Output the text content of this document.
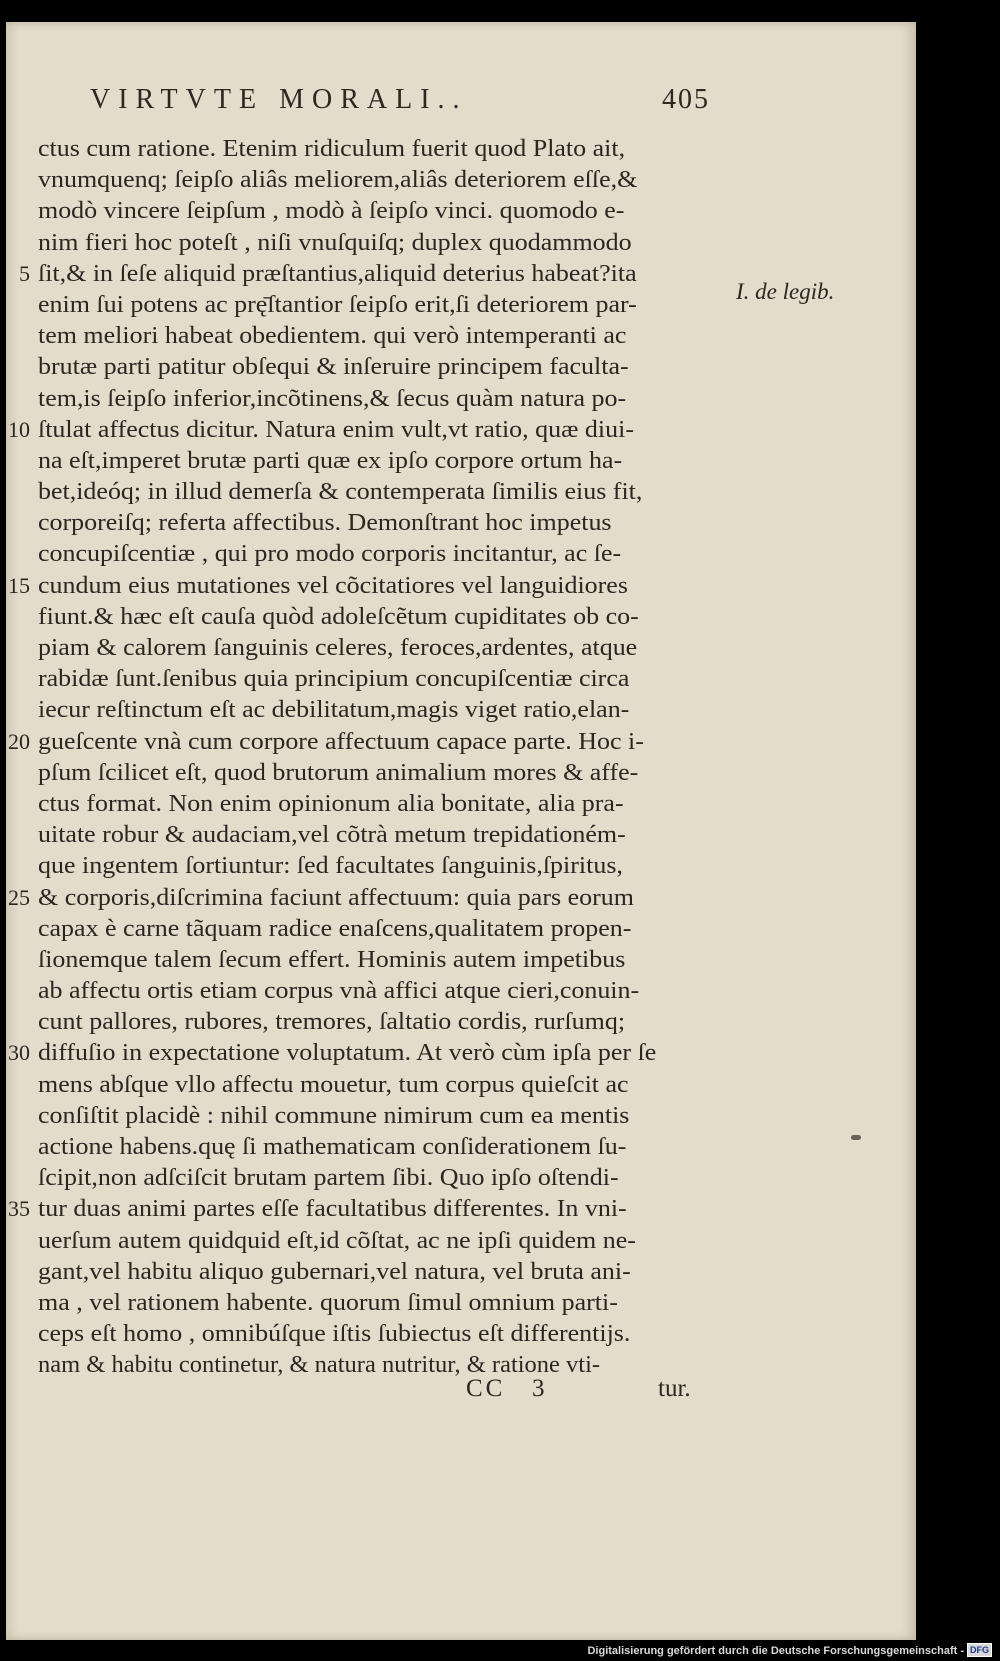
VIRTVTE MORALI..	405
ctus cum ratione. Etenim ridiculum fuerit quod Plato ait,
vnumquenq; ſeipſo aliâs meliorem,aliâs deteriorem eſſe,&
modò vincere ſeipſum , modò à ſeipſo vinci. quomodo e-
nim fieri hoc poteſt , niſi vnuſquiſq; duplex quodammodo
5 ſit,& in ſeſe aliquid præſtantius,aliquid deterius habeat?ita
enim ſui potens ac prę̄ſtantior ſeipſo erit,ſi deteriorem par-
tem meliori habeat obedientem. qui verò intemperanti ac
brutæ parti patitur obſequi & inſeruire principem faculta-
tem,is ſeipſo inferior,incõtinens,& ſecus quàm natura po-
10 ſtulat affectus dicitur. Natura enim vult,vt ratio, quæ diui-
na eſt,imperet brutæ parti quæ ex ipſo corpore ortum ha-
bet,ideóq; in illud demerſa & contemperata ſimilis eius fit,
corporeiſq; referta affectibus. Demonſtrant hoc impetus
concupiſcentiæ , qui pro modo corporis incitantur, ac ſe-
15 cundum eius mutationes vel cõcitatiores vel languidiores
fiunt.& hæc eſt cauſa quòd adoleſcẽtum cupiditates ob co-
piam & calorem ſanguinis celeres, feroces,ardentes, atque
rabidæ ſunt.ſenibus quia principium concupiſcentiæ circa
iecur reſtinctum eſt ac debilitatum,magis viget ratio,elan-
20 gueſcente vnà cum corpore affectuum capace parte. Hoc i-
pſum ſcilicet eſt, quod brutorum animalium mores & affe-
ctus format. Non enim opinionum alia bonitate, alia pra-
uitate robur & audaciam,vel cõtrà metum trepidationém-
que ingentem ſortiuntur: ſed facultates ſanguinis,ſpiritus,
25 & corporis,diſcrimina faciunt affectuum: quia pars eorum
capax è carne tãquam radice enaſcens,qualitatem propen-
ſionemque talem ſecum effert. Hominis autem impetibus
ab affectu ortis etiam corpus vnà affici atque cieri,conuin-
cunt pallores, rubores, tremores, ſaltatio cordis, rurſumq;
30 diffuſio in expectatione voluptatum. At verò cùm ipſa per ſe
mens abſque vllo affectu mouetur, tum corpus quieſcit ac
conſiſtit placidè : nihil commune nimirum cum ea mentis
actione habens.quę ſi mathematicam conſiderationem ſu-
ſcipit,non adſciſcit brutam partem ſibi. Quo ipſo oſtendi-
35 tur duas animi partes eſſe facultatibus differentes. In vni-
uerſum autem quidquid eſt,id cõſtat, ac ne ipſi quidem ne-
gant,vel habitu aliquo gubernari,vel natura, vel bruta ani-
ma , vel rationem habente. quorum ſimul omnium parti-
ceps eſt homo , omnibúſque iſtis ſubiectus eſt differentijs.
nam & habitu continetur, & natura nutritur, & ratione vti-
I. de legib.
CC 3	tur.
Digitalisierung gefördert durch die Deutsche Forschungsgemeinschaft - DFG
